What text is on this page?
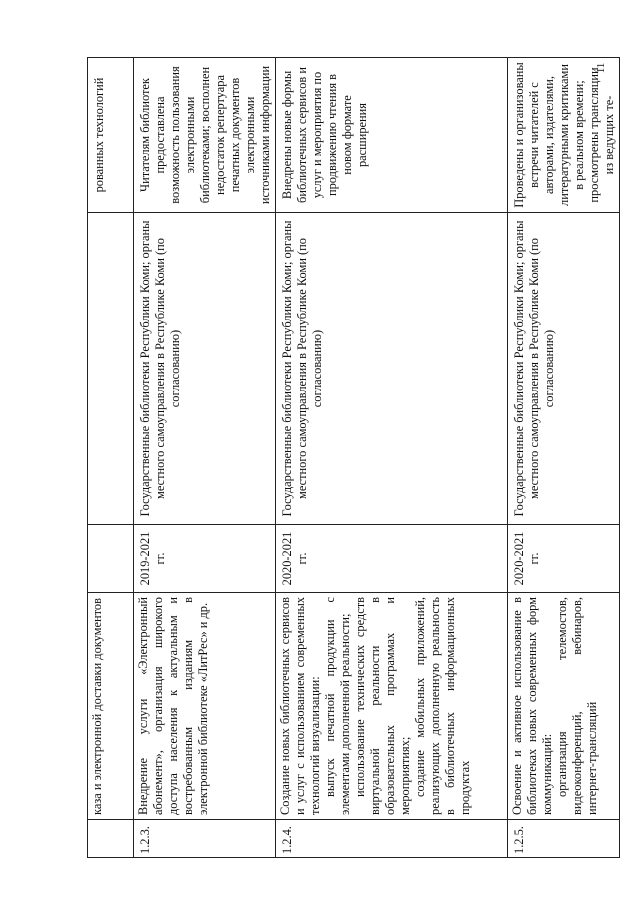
11
	каза и электронной доставки документов			рованных технологий
1.2.3.	Внедрение услуги «Электронный абонемент», организация широкого доступа населения к актуальным и востребованным изданиям в электронной библиотеке «ЛитРес» и др.	2019-2021 гг.	Государственные библиотеки Республики Коми; органы местного самоуправления в Республике Коми (по согласованию)	Читателям библиотек предоставлена возможность пользования электронными библиотеками; восполнен недостаток репертуара печатных документов электронными источниками информации
1.2.4.	Создание новых библиотечных сервисов и услуг с использованием современных технологий визуализации: выпуск печатной продукции с элементами дополненной реальности; использование технических средств виртуальной реальности в образовательных программах и мероприятиях; создание мобильных приложений, реализующих дополненную реальность в библиотечных информационных продуктах	2020-2021 гг.	Государственные библиотеки Республики Коми; органы местного самоуправления в Республике Коми (по согласованию)	Внедрены новые формы библиотечных сервисов и услуг и мероприятия по продвижению чтения в новом формате расширения
1.2.5.	Освоение и активное использование в библиотеках новых современных форм коммуникаций: организация телемостов, видеоконференций, вебинаров, интернет-трансляций	2020-2021 гг.	Государственные библиотеки Республики Коми; органы местного самоуправления в Республике Коми (по согласованию)	Проведены и организованы встречи читателей с авторами, издателями, литературными критиками в реальном времени; просмотрены трансляции из ведущих те-
